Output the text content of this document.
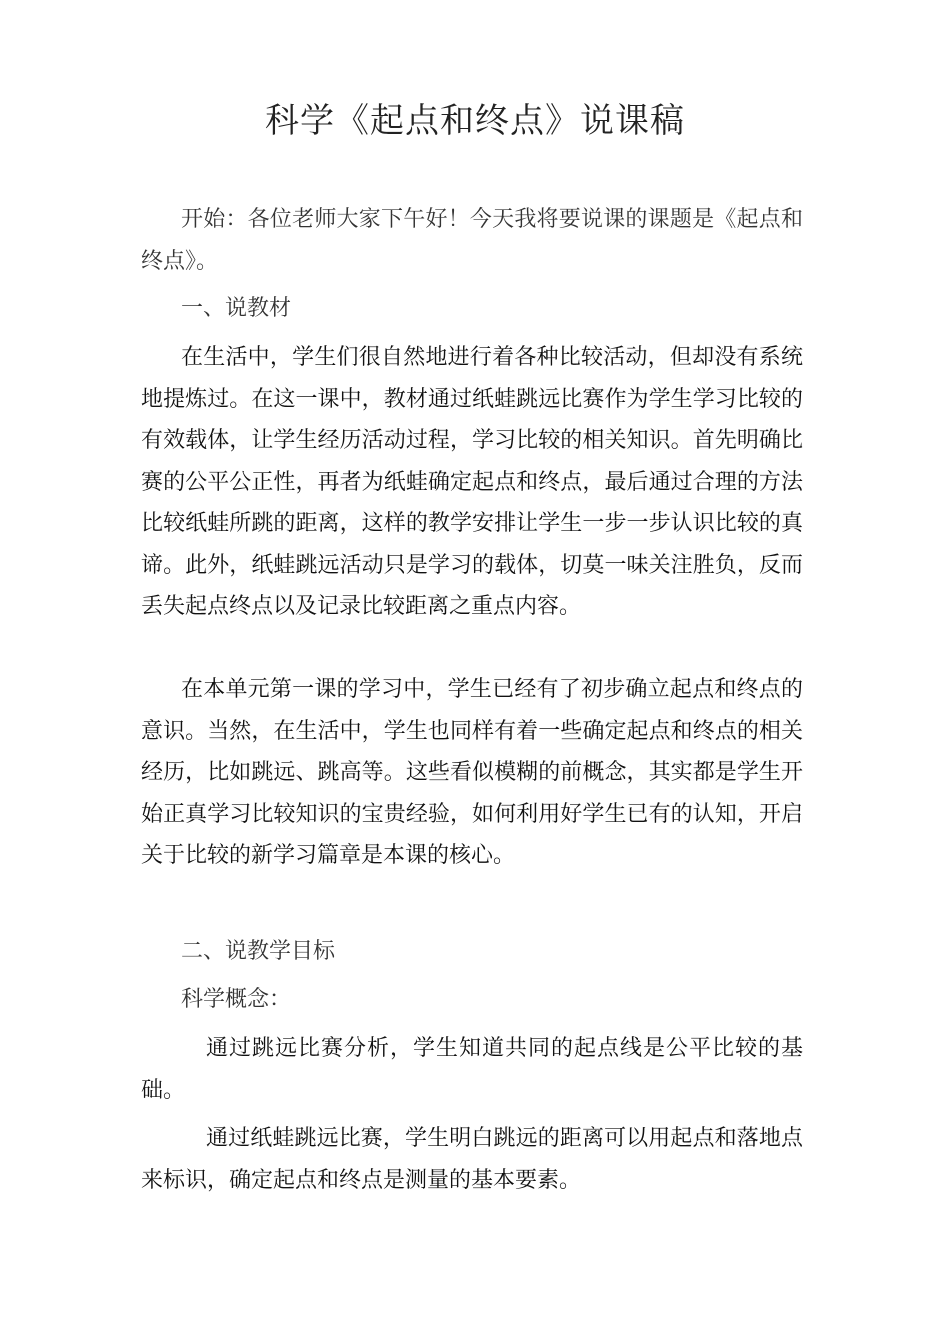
科学《起点和终点》说课稿

开始：各位老师大家下午好！今天我将要说课的课题是《起点和终点》。

一、说教材

在生活中，学生们很自然地进行着各种比较活动，但却没有系统地提炼过。在这一课中，教材通过纸蛙跳远比赛作为学生学习比较的有效载体，让学生经历活动过程，学习比较的相关知识。首先明确比赛的公平公正性，再者为纸蛙确定起点和终点，最后通过合理的方法比较纸蛙所跳的距离，这样的教学安排让学生一步一步认识比较的真谛。此外，纸蛙跳远活动只是学习的载体，切莫一味关注胜负，反而丢失起点终点以及记录比较距离之重点内容。

在本单元第一课的学习中，学生已经有了初步确立起点和终点的意识。当然，在生活中，学生也同样有着一些确定起点和终点的相关经历，比如跳远、跳高等。这些看似模糊的前概念，其实都是学生开始正真学习比较知识的宝贵经验，如何利用好学生已有的认知，开启关于比较的新学习篇章是本课的核心。

二、说教学目标

科学概念：

通过跳远比赛分析，学生知道共同的起点线是公平比较的基础。

通过纸蛙跳远比赛，学生明白跳远的距离可以用起点和落地点来标识，确定起点和终点是测量的基本要素。
